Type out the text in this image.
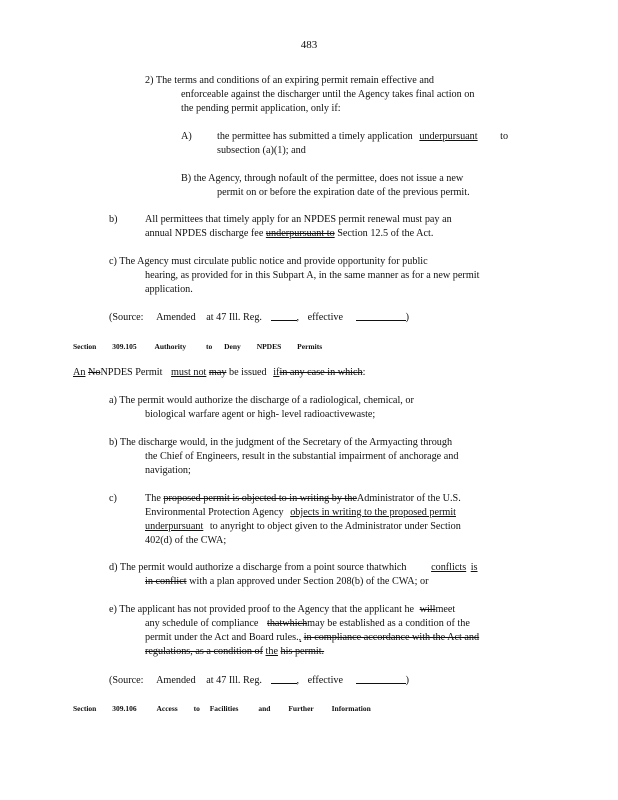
483
2) The terms and conditions of an expiring permit remain effective and
enforceable against the discharger until the Agency takes final action on
the pending permit application, only if:
A) the permittee has submitted a timely application underpursuant to
subsection (a)(1); and
B) the Agency, through nofault of the permittee, does not issue a new
permit on or before the expiration date of the previous permit.
b)	All permittees that timely apply for an NPDES permit renewal must pay an
annual NPDES discharge fee underpursuant to Section 12.5 of the Act.
c) The Agency must circulate public notice and provide opportunity for public
hearing, as provided for in this Subpart A, in the same manner as for a new permit
application.
(Source: Amended at 47 Ill. Reg.	, effective	)
Section 309.105 Authority	to Deny NPDES Permits
An NoNPDES Permit must not may be issued ifin any case in which:
a) The permit would authorize the discharge of a radiological, chemical, or
biological warfare agent or high- level radioactivewaste;
b) The discharge would, in the judgment of the Secretary of the Armyacting through
the Chief of Engineers, result in the substantial impairment of anchorage and
navigation;
c)	The proposed permit is objected to in writing by theAdministrator of the U.S.
Environmental Protection Agency objects in writing to the proposed permit
underpursuant to anyright to object given to the Administrator under Section
402(d) of the CWA;
d) The permit would authorize a discharge from a point source thatwhich conflicts is
in conflict with a plan approved under Section 208(b) of the CWA; or
e) The applicant has not provided proof to the Agency that the applicant he willmeet
any schedule of compliance thatwhichmay be established as a condition of the
permit under the Act and Board rules., in compliance accordance with the Act and
regulations, as a condition of the his permit.
(Source: Amended at 47 Ill. Reg.	, effective	)
Section 309.106	Access to Facilities	and Further Information
